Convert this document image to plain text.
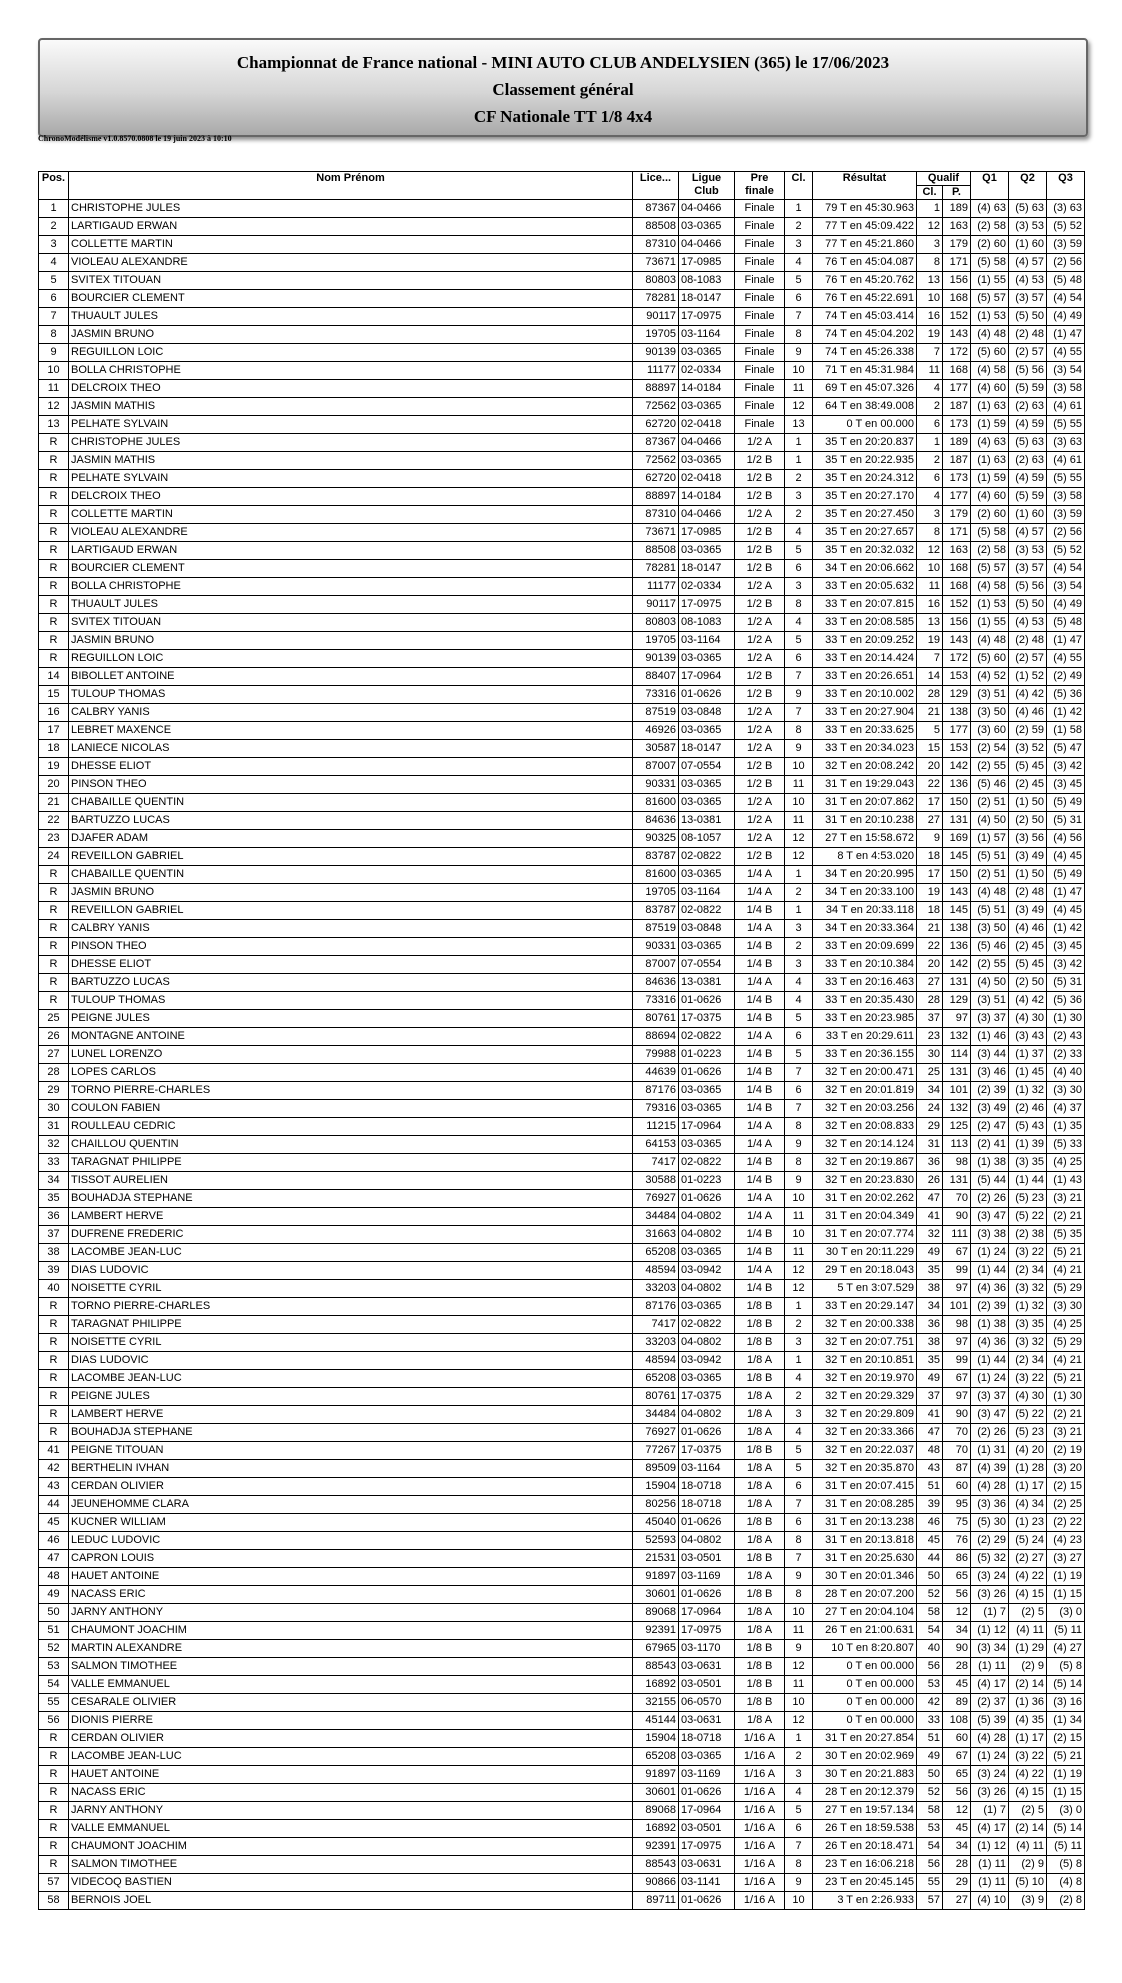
Championnat de France national - MINI AUTO CLUB ANDELYSIEN (365) le 17/06/2023
Classement général
CF Nationale TT 1/8 4x4
ChronoModélisme v1.0.8570.0808 le 19 juin 2023 à 10:10
Pos.	Nom Prénom	Lice...	Ligue Club	Pre finale	Cl.	Résultat	Qualif		Q1	Q2	Q3
							Cl.	P.			
1	CHRISTOPHE JULES	87367	04-0466	Finale	1	79 T en 45:30.963	1	189	(4) 63	(5) 63	(3) 63
2	LARTIGAUD ERWAN	88508	03-0365	Finale	2	77 T en 45:09.422	12	163	(2) 58	(3) 53	(5) 52
3	COLLETTE MARTIN	87310	04-0466	Finale	3	77 T en 45:21.860	3	179	(2) 60	(1) 60	(3) 59
4	VIOLEAU ALEXANDRE	73671	17-0985	Finale	4	76 T en 45:04.087	8	171	(5) 58	(4) 57	(2) 56
5	SVITEX TITOUAN	80803	08-1083	Finale	5	76 T en 45:20.762	13	156	(1) 55	(4) 53	(5) 48
6	BOURCIER CLEMENT	78281	18-0147	Finale	6	76 T en 45:22.691	10	168	(5) 57	(3) 57	(4) 54
7	THUAULT JULES	90117	17-0975	Finale	7	74 T en 45:03.414	16	152	(1) 53	(5) 50	(4) 49
8	JASMIN BRUNO	19705	03-1164	Finale	8	74 T en 45:04.202	19	143	(4) 48	(2) 48	(1) 47
9	REGUILLON LOIC	90139	03-0365	Finale	9	74 T en 45:26.338	7	172	(5) 60	(2) 57	(4) 55
10	BOLLA CHRISTOPHE	11177	02-0334	Finale	10	71 T en 45:31.984	11	168	(4) 58	(5) 56	(3) 54
11	DELCROIX THEO	88897	14-0184	Finale	11	69 T en 45:07.326	4	177	(4) 60	(5) 59	(3) 58
12	JASMIN MATHIS	72562	03-0365	Finale	12	64 T en 38:49.008	2	187	(1) 63	(2) 63	(4) 61
13	PELHATE SYLVAIN	62720	02-0418	Finale	13	0 T en 00.000	6	173	(1) 59	(4) 59	(5) 55
R	CHRISTOPHE JULES	87367	04-0466	1/2 A	1	35 T en 20:20.837	1	189	(4) 63	(5) 63	(3) 63
R	JASMIN MATHIS	72562	03-0365	1/2 B	1	35 T en 20:22.935	2	187	(1) 63	(2) 63	(4) 61
R	PELHATE SYLVAIN	62720	02-0418	1/2 B	2	35 T en 20:24.312	6	173	(1) 59	(4) 59	(5) 55
R	DELCROIX THEO	88897	14-0184	1/2 B	3	35 T en 20:27.170	4	177	(4) 60	(5) 59	(3) 58
R	COLLETTE MARTIN	87310	04-0466	1/2 A	2	35 T en 20:27.450	3	179	(2) 60	(1) 60	(3) 59
R	VIOLEAU ALEXANDRE	73671	17-0985	1/2 B	4	35 T en 20:27.657	8	171	(5) 58	(4) 57	(2) 56
R	LARTIGAUD ERWAN	88508	03-0365	1/2 B	5	35 T en 20:32.032	12	163	(2) 58	(3) 53	(5) 52
R	BOURCIER CLEMENT	78281	18-0147	1/2 B	6	34 T en 20:06.662	10	168	(5) 57	(3) 57	(4) 54
R	BOLLA CHRISTOPHE	11177	02-0334	1/2 A	3	33 T en 20:05.632	11	168	(4) 58	(5) 56	(3) 54
R	THUAULT JULES	90117	17-0975	1/2 B	8	33 T en 20:07.815	16	152	(1) 53	(5) 50	(4) 49
R	SVITEX TITOUAN	80803	08-1083	1/2 A	4	33 T en 20:08.585	13	156	(1) 55	(4) 53	(5) 48
R	JASMIN BRUNO	19705	03-1164	1/2 A	5	33 T en 20:09.252	19	143	(4) 48	(2) 48	(1) 47
R	REGUILLON LOIC	90139	03-0365	1/2 A	6	33 T en 20:14.424	7	172	(5) 60	(2) 57	(4) 55
14	BIBOLLET ANTOINE	88407	17-0964	1/2 B	7	33 T en 20:26.651	14	153	(4) 52	(1) 52	(2) 49
15	TULOUP THOMAS	73316	01-0626	1/2 B	9	33 T en 20:10.002	28	129	(3) 51	(4) 42	(5) 36
16	CALBRY YANIS	87519	03-0848	1/2 A	7	33 T en 20:27.904	21	138	(3) 50	(4) 46	(1) 42
17	LEBRET MAXENCE	46926	03-0365	1/2 A	8	33 T en 20:33.625	5	177	(3) 60	(2) 59	(1) 58
18	LANIECE NICOLAS	30587	18-0147	1/2 A	9	33 T en 20:34.023	15	153	(2) 54	(3) 52	(5) 47
19	DHESSE ELIOT	87007	07-0554	1/2 B	10	32 T en 20:08.242	20	142	(2) 55	(5) 45	(3) 42
20	PINSON THEO	90331	03-0365	1/2 B	11	31 T en 19:29.043	22	136	(5) 46	(2) 45	(3) 45
21	CHABAILLE QUENTIN	81600	03-0365	1/2 A	10	31 T en 20:07.862	17	150	(2) 51	(1) 50	(5) 49
22	BARTUZZO LUCAS	84636	13-0381	1/2 A	11	31 T en 20:10.238	27	131	(4) 50	(2) 50	(5) 31
23	DJAFER ADAM	90325	08-1057	1/2 A	12	27 T en 15:58.672	9	169	(1) 57	(3) 56	(4) 56
24	REVEILLON GABRIEL	83787	02-0822	1/2 B	12	8 T en 4:53.020	18	145	(5) 51	(3) 49	(4) 45
R	CHABAILLE QUENTIN	81600	03-0365	1/4 A	1	34 T en 20:20.995	17	150	(2) 51	(1) 50	(5) 49
R	JASMIN BRUNO	19705	03-1164	1/4 A	2	34 T en 20:33.100	19	143	(4) 48	(2) 48	(1) 47
R	REVEILLON GABRIEL	83787	02-0822	1/4 B	1	34 T en 20:33.118	18	145	(5) 51	(3) 49	(4) 45
R	CALBRY YANIS	87519	03-0848	1/4 A	3	34 T en 20:33.364	21	138	(3) 50	(4) 46	(1) 42
R	PINSON THEO	90331	03-0365	1/4 B	2	33 T en 20:09.699	22	136	(5) 46	(2) 45	(3) 45
R	DHESSE ELIOT	87007	07-0554	1/4 B	3	33 T en 20:10.384	20	142	(2) 55	(5) 45	(3) 42
R	BARTUZZO LUCAS	84636	13-0381	1/4 A	4	33 T en 20:16.463	27	131	(4) 50	(2) 50	(5) 31
R	TULOUP THOMAS	73316	01-0626	1/4 B	4	33 T en 20:35.430	28	129	(3) 51	(4) 42	(5) 36
25	PEIGNE JULES	80761	17-0375	1/4 B	5	33 T en 20:23.985	37	97	(3) 37	(4) 30	(1) 30
26	MONTAGNE ANTOINE	88694	02-0822	1/4 A	6	33 T en 20:29.611	23	132	(1) 46	(3) 43	(2) 43
27	LUNEL LORENZO	79988	01-0223	1/4 B	5	33 T en 20:36.155	30	114	(3) 44	(1) 37	(2) 33
28	LOPES CARLOS	44639	01-0626	1/4 B	7	32 T en 20:00.471	25	131	(3) 46	(1) 45	(4) 40
29	TORNO PIERRE-CHARLES	87176	03-0365	1/4 B	6	32 T en 20:01.819	34	101	(2) 39	(1) 32	(3) 30
30	COULON FABIEN	79316	03-0365	1/4 B	7	32 T en 20:03.256	24	132	(3) 49	(2) 46	(4) 37
31	ROULLEAU CEDRIC	11215	17-0964	1/4 A	8	32 T en 20:08.833	29	125	(2) 47	(5) 43	(1) 35
32	CHAILLOU QUENTIN	64153	03-0365	1/4 A	9	32 T en 20:14.124	31	113	(2) 41	(1) 39	(5) 33
33	TARAGNAT PHILIPPE	7417	02-0822	1/4 B	8	32 T en 20:19.867	36	98	(1) 38	(3) 35	(4) 25
34	TISSOT AURELIEN	30588	01-0223	1/4 B	9	32 T en 20:23.830	26	131	(5) 44	(1) 44	(1) 43
35	BOUHADJA STEPHANE	76927	01-0626	1/4 A	10	31 T en 20:02.262	47	70	(2) 26	(5) 23	(3) 21
36	LAMBERT HERVE	34484	04-0802	1/4 A	11	31 T en 20:04.349	41	90	(3) 47	(5) 22	(2) 21
37	DUFRENE FREDERIC	31663	04-0802	1/4 B	10	31 T en 20:07.774	32	111	(3) 38	(2) 38	(5) 35
38	LACOMBE JEAN-LUC	65208	03-0365	1/4 B	11	30 T en 20:11.229	49	67	(1) 24	(3) 22	(5) 21
39	DIAS LUDOVIC	48594	03-0942	1/4 A	12	29 T en 20:18.043	35	99	(1) 44	(2) 34	(4) 21
40	NOISETTE CYRIL	33203	04-0802	1/4 B	12	5 T en 3:07.529	38	97	(4) 36	(3) 32	(5) 29
R	TORNO PIERRE-CHARLES	87176	03-0365	1/8 B	1	33 T en 20:29.147	34	101	(2) 39	(1) 32	(3) 30
R	TARAGNAT PHILIPPE	7417	02-0822	1/8 B	2	32 T en 20:00.338	36	98	(1) 38	(3) 35	(4) 25
R	NOISETTE CYRIL	33203	04-0802	1/8 B	3	32 T en 20:07.751	38	97	(4) 36	(3) 32	(5) 29
R	DIAS LUDOVIC	48594	03-0942	1/8 A	1	32 T en 20:10.851	35	99	(1) 44	(2) 34	(4) 21
R	LACOMBE JEAN-LUC	65208	03-0365	1/8 B	4	32 T en 20:19.970	49	67	(1) 24	(3) 22	(5) 21
R	PEIGNE JULES	80761	17-0375	1/8 A	2	32 T en 20:29.329	37	97	(3) 37	(4) 30	(1) 30
R	LAMBERT HERVE	34484	04-0802	1/8 A	3	32 T en 20:29.809	41	90	(3) 47	(5) 22	(2) 21
R	BOUHADJA STEPHANE	76927	01-0626	1/8 A	4	32 T en 20:33.366	47	70	(2) 26	(5) 23	(3) 21
41	PEIGNE TITOUAN	77267	17-0375	1/8 B	5	32 T en 20:22.037	48	70	(1) 31	(4) 20	(2) 19
42	BERTHELIN IVHAN	89509	03-1164	1/8 A	5	32 T en 20:35.870	43	87	(4) 39	(1) 28	(3) 20
43	CERDAN OLIVIER	15904	18-0718	1/8 A	6	31 T en 20:07.415	51	60	(4) 28	(1) 17	(2) 15
44	JEUNEHOMME CLARA	80256	18-0718	1/8 A	7	31 T en 20:08.285	39	95	(3) 36	(4) 34	(2) 25
45	KUCNER WILLIAM	45040	01-0626	1/8 B	6	31 T en 20:13.238	46	75	(5) 30	(1) 23	(2) 22
46	LEDUC LUDOVIC	52593	04-0802	1/8 A	8	31 T en 20:13.818	45	76	(2) 29	(5) 24	(4) 23
47	CAPRON LOUIS	21531	03-0501	1/8 B	7	31 T en 20:25.630	44	86	(5) 32	(2) 27	(3) 27
48	HAUET ANTOINE	91897	03-1169	1/8 A	9	30 T en 20:01.346	50	65	(3) 24	(4) 22	(1) 19
49	NACASS ERIC	30601	01-0626	1/8 B	8	28 T en 20:07.200	52	56	(3) 26	(4) 15	(1) 15
50	JARNY ANTHONY	89068	17-0964	1/8 A	10	27 T en 20:04.104	58	12	(1) 7	(2) 5	(3) 0
51	CHAUMONT JOACHIM	92391	17-0975	1/8 A	11	26 T en 21:00.631	54	34	(1) 12	(4) 11	(5) 11
52	MARTIN ALEXANDRE	67965	03-1170	1/8 B	9	10 T en 8:20.807	40	90	(3) 34	(1) 29	(4) 27
53	SALMON TIMOTHEE	88543	03-0631	1/8 B	12	0 T en 00.000	56	28	(1) 11	(2) 9	(5) 8
54	VALLE EMMANUEL	16892	03-0501	1/8 B	11	0 T en 00.000	53	45	(4) 17	(2) 14	(5) 14
55	CESARALE OLIVIER	32155	06-0570	1/8 B	10	0 T en 00.000	42	89	(2) 37	(1) 36	(3) 16
56	DIONIS PIERRE	45144	03-0631	1/8 A	12	0 T en 00.000	33	108	(5) 39	(4) 35	(1) 34
R	CERDAN OLIVIER	15904	18-0718	1/16 A	1	31 T en 20:27.854	51	60	(4) 28	(1) 17	(2) 15
R	LACOMBE JEAN-LUC	65208	03-0365	1/16 A	2	30 T en 20:02.969	49	67	(1) 24	(3) 22	(5) 21
R	HAUET ANTOINE	91897	03-1169	1/16 A	3	30 T en 20:21.883	50	65	(3) 24	(4) 22	(1) 19
R	NACASS ERIC	30601	01-0626	1/16 A	4	28 T en 20:12.379	52	56	(3) 26	(4) 15	(1) 15
R	JARNY ANTHONY	89068	17-0964	1/16 A	5	27 T en 19:57.134	58	12	(1) 7	(2) 5	(3) 0
R	VALLE EMMANUEL	16892	03-0501	1/16 A	6	26 T en 18:59.538	53	45	(4) 17	(2) 14	(5) 14
R	CHAUMONT JOACHIM	92391	17-0975	1/16 A	7	26 T en 20:18.471	54	34	(1) 12	(4) 11	(5) 11
R	SALMON TIMOTHEE	88543	03-0631	1/16 A	8	23 T en 16:06.218	56	28	(1) 11	(2) 9	(5) 8
57	VIDECOQ BASTIEN	90866	03-1141	1/16 A	9	23 T en 20:45.145	55	29	(1) 11	(5) 10	(4) 8
58	BERNOIS JOEL	89711	01-0626	1/16 A	10	3 T en 2:26.933	57	27	(4) 10	(3) 9	(2) 8
